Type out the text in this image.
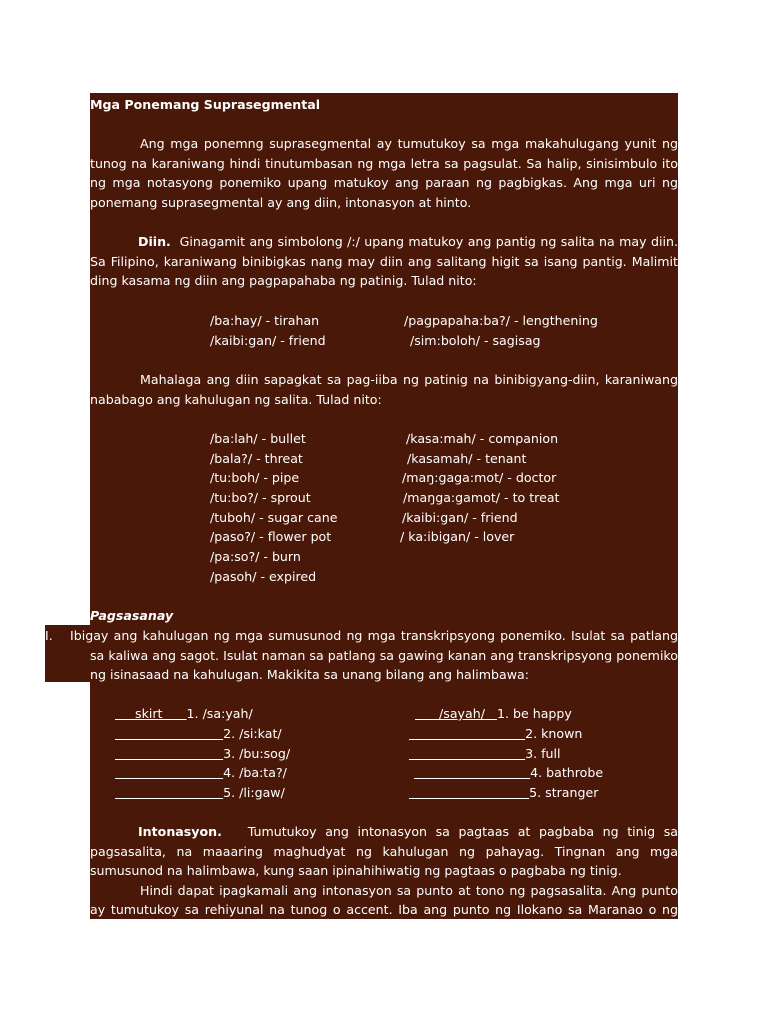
Mga Ponemang Suprasegmental
Ang mga ponemng suprasegmental ay tumutukoy sa mga makahulugang yunit ng
tunog na karaniwang hindi tinutumbasan ng mga letra sa pagsulat. Sa halip, sinisimbulo ito
ng mga notasyong ponemiko upang matukoy ang paraan ng pagbigkas. Ang mga uri ng
ponemang suprasegmental ay ang diin, intonasyon at hinto.
Diin. Ginagamit ang simbolong /:/ upang matukoy ang pantig ng salita na may diin.
Sa Filipino, karaniwang binibigkas nang may diin ang salitang higit sa isang pantig. Malimit
ding kasama ng diin ang pagpapahaba ng patinig. Tulad nito:
/ba:hay/ - tirahan
/kaibi:gan/ - friend
/pagpapaha:ba?/ - lengthening
/sim:boloh/ - sagisag
Mahalaga ang diin sapagkat sa pag-iiba ng patinig na binibigyang-diin, karaniwang
nababago ang kahulugan ng salita. Tulad nito:
/ba:lah/ - bullet
/bala?/ - threat
/tu:boh/ - pipe
/tu:bo?/ - sprout
/tuboh/ - sugar cane
/paso?/ - flower pot
/pa:so?/ - burn
/pasoh/ - expired
/kasa:mah/ - companion
/kasamah/ - tenant
/maŋ:gaga:mot/ - doctor
/maŋga:gamot/ - to treat
/kaibi:gan/ - friend
/ ka:ibigan/ - lover
Pagsasanay
I. Ibigay ang kahulugan ng mga sumusunod ng mga transkripsyong ponemiko. Isulat sa patlang
sa kaliwa ang sagot. Isulat naman sa patlang sa gawing kanan ang transkripsyong ponemiko
ng isinasaad na kahulugan. Makikita sa unang bilang ang halimbawa:
skirt 1. /sa:yah/
2. /si:kat/
3. /bu:sog/
4. /ba:ta?/
5. /li:gaw/
/sayah/ 1. be happy
2. known
3. full
4. bathrobe
5. stranger
Intonasyon. Tumutukoy ang intonasyon sa pagtaas at pagbaba ng tinig sa
pagsasalita, na maaaring maghudyat ng kahulugan ng pahayag. Tingnan ang mga
sumusunod na halimbawa, kung saan ipinahihiwatig ng pagtaas o pagbaba ng tinig.
Hindi dapat ipagkamali ang intonasyon sa punto at tono ng pagsasalita. Ang punto
ay tumutukoy sa rehiyunal na tunog o accent. Iba ang punto ng Ilokano sa Maranao o ng
